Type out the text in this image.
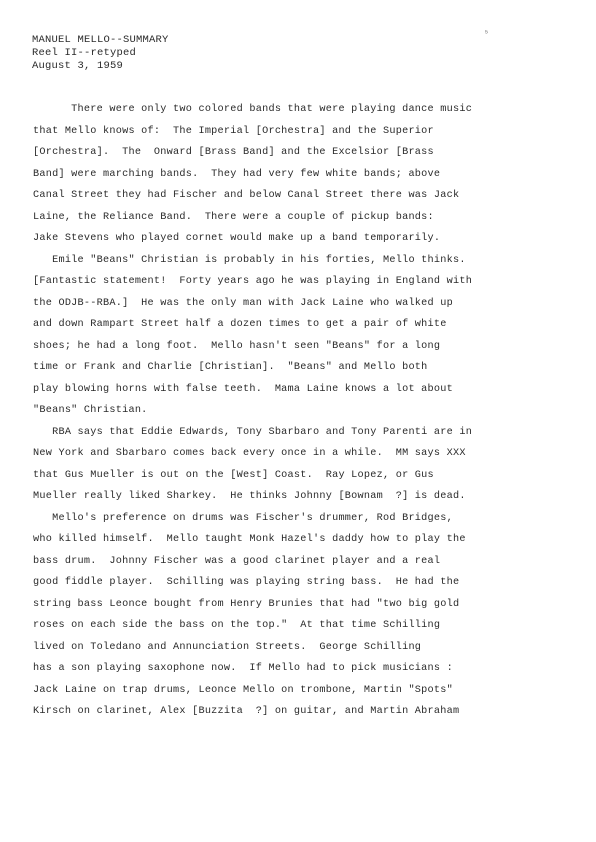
MANUEL MELLO--SUMMARY
Reel II--retyped
August 3, 1959
⁵
There were only two colored bands that were playing dance music
that Mello knows of:  The Imperial [Orchestra] and the Superior
[Orchestra].  The  Onward [Brass Band] and the Excelsior [Brass
Band] were marching bands.  They had very few white bands; above
Canal Street they had Fischer and below Canal Street there was Jack
Laine, the Reliance Band.  There were a couple of pickup bands:
Jake Stevens who played cornet would make up a band temporarily.
Emile "Beans" Christian is probably in his forties, Mello thinks.
[Fantastic statement!  Forty years ago he was playing in England with
the ODJB--RBA.]  He was the only man with Jack Laine who walked up
and down Rampart Street half a dozen times to get a pair of white
shoes; he had a long foot.  Mello hasn't seen "Beans" for a long
time or Frank and Charlie [Christian].  "Beans" and Mello both
play blowing horns with false teeth.  Mama Laine knows a lot about
"Beans" Christian.
RBA says that Eddie Edwards, Tony Sbarbaro and Tony Parenti are in
New York and Sbarbaro comes back every once in a while.  MM says XXX
that Gus Mueller is out on the [West] Coast.  Ray Lopez, or Gus
Mueller really liked Sharkey.  He thinks Johnny [Bownam  ?] is dead.
Mello's preference on drums was Fischer's drummer, Rod Bridges,
who killed himself.  Mello taught Monk Hazel's daddy how to play the
bass drum.  Johnny Fischer was a good clarinet player and a real
good fiddle player.  Schilling was playing string bass.  He had the
string bass Leonce bought from Henry Brunies that had "two big gold
roses on each side the bass on the top."  At that time Schilling
lived on Toledano and Annunciation Streets.  George Schilling
has a son playing saxophone now.  If Mello had to pick musicians :
Jack Laine on trap drums, Leonce Mello on trombone, Martin "Spots"
Kirsch on clarinet, Alex [Buzzita  ?] on guitar, and Martin Abraham
